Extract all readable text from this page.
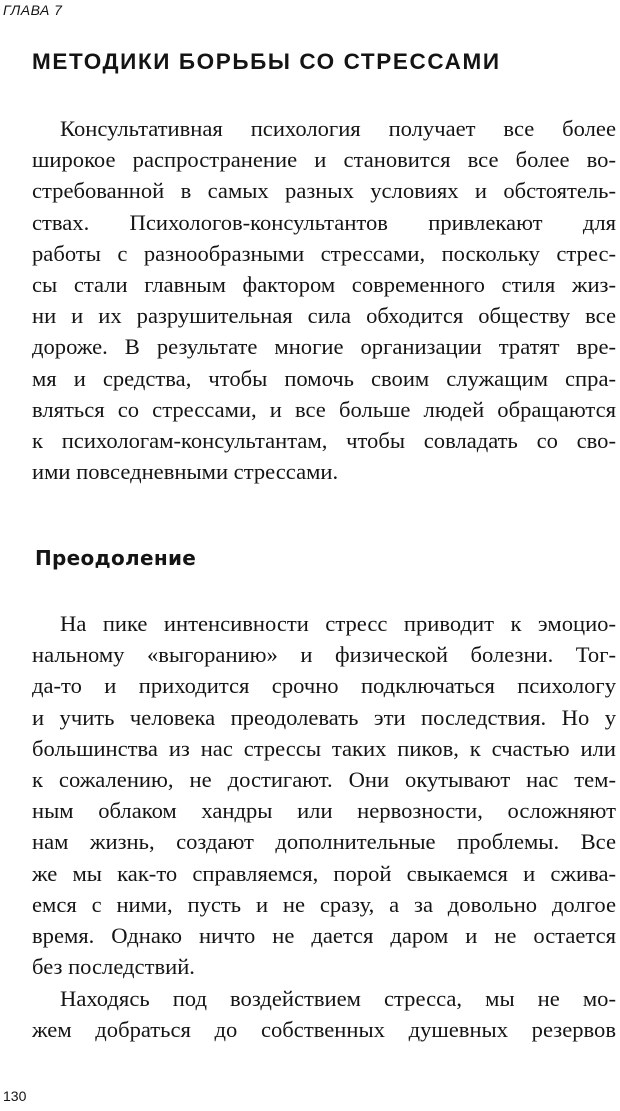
ГЛАВА 7

МЕТОДИКИ БОРЬБЫ СО СТРЕССАМИ
Консультативная психология получает все более
широкое распространение и становится все более во-
стребованной в самых разных условиях и обстоятель-
ствах. Психологов-консультантов привлекают для
работы с разнообразными стрессами, поскольку стрес-
сы стали главным фактором современного стиля жиз-
ни и их разрушительная сила обходится обществу все
дороже. В результате многие организации тратят вре-
мя и средства, чтобы помочь своим служащим спра-
вляться со стрессами, и все больше людей обращаются
к психологам-консультантам, чтобы совладать со сво-
ими повседневными стрессами.
Преодоление
На пике интенсивности стресс приводит к эмоцио-
нальному «выгоранию» и физической болезни. Тог-
да-то и приходится срочно подключаться психологу
и учить человека преодолевать эти последствия. Но у
большинства из нас стрессы таких пиков, к счастью или
к сожалению, не достигают. Они окутывают нас тем-
ным облаком хандры или нервозности, осложняют
нам жизнь, создают дополнительные проблемы. Все
же мы как-то справляемся, порой свыкаемся и сжива-
емся с ними, пусть и не сразу, а за довольно долгое
время. Однако ничто не дается даром и не остается
без последствий.
Находясь под воздействием стресса, мы не мо-
жем добраться до собственных душевных резервов

130
